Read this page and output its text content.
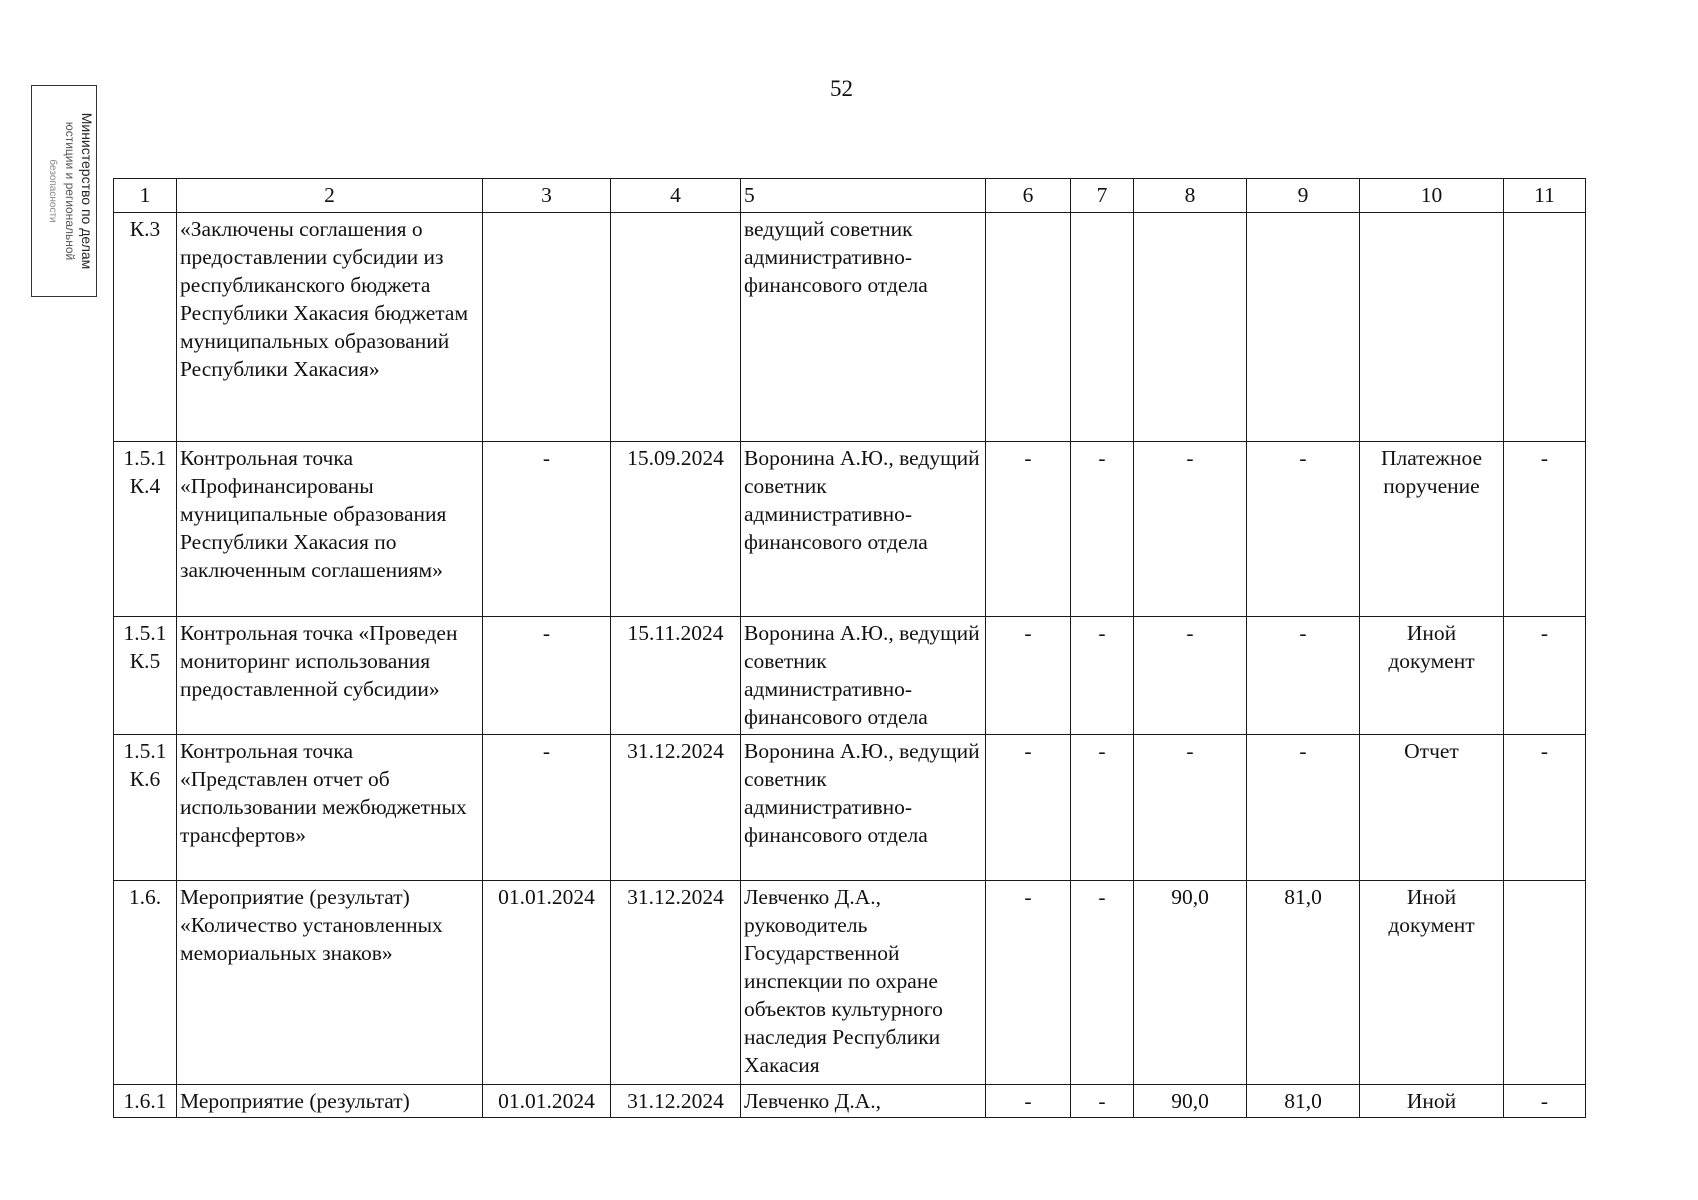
52
Министерство по делам
юстиции и региональной
безопасности	1	2	3	4	5	6	7	8	9	10	11
К.3	«Заключены соглашения о предоставлении субсидии из республиканского бюджета Республики Хакасия бюджетам муниципальных образований Республики Хакасия»			ведущий советник административно-финансового отдела						
1.5.1 К.4	Контрольная точка «Профинансированы муниципальные образования Республики Хакасия по заключенным соглашениям»	-	15.09.2024	Воронина А.Ю., ведущий советник административно-финансового отдела	-	-	-	-	Платежное поручение	-
1.5.1 К.5	Контрольная точка «Проведен мониторинг использования предоставленной субсидии»	-	15.11.2024	Воронина А.Ю., ведущий советник административно-финансового отдела	-	-	-	-	Иной документ	-
1.5.1 К.6	Контрольная точка «Представлен отчет об использовании межбюджетных трансфертов»	-	31.12.2024	Воронина А.Ю., ведущий советник административно-финансового отдела	-	-	-	-	Отчет	-
1.6.	Мероприятие (результат) «Количество установленных мемориальных знаков»	01.01.2024	31.12.2024	Левченко Д.А., руководитель Государственной инспекции по охране объектов культурного наследия Республики Хакасия	-	-	90,0	81,0	Иной документ	
1.6.1	Мероприятие (результат)	01.01.2024	31.12.2024	Левченко Д.А.,	-	-	90,0	81,0	Иной	-
